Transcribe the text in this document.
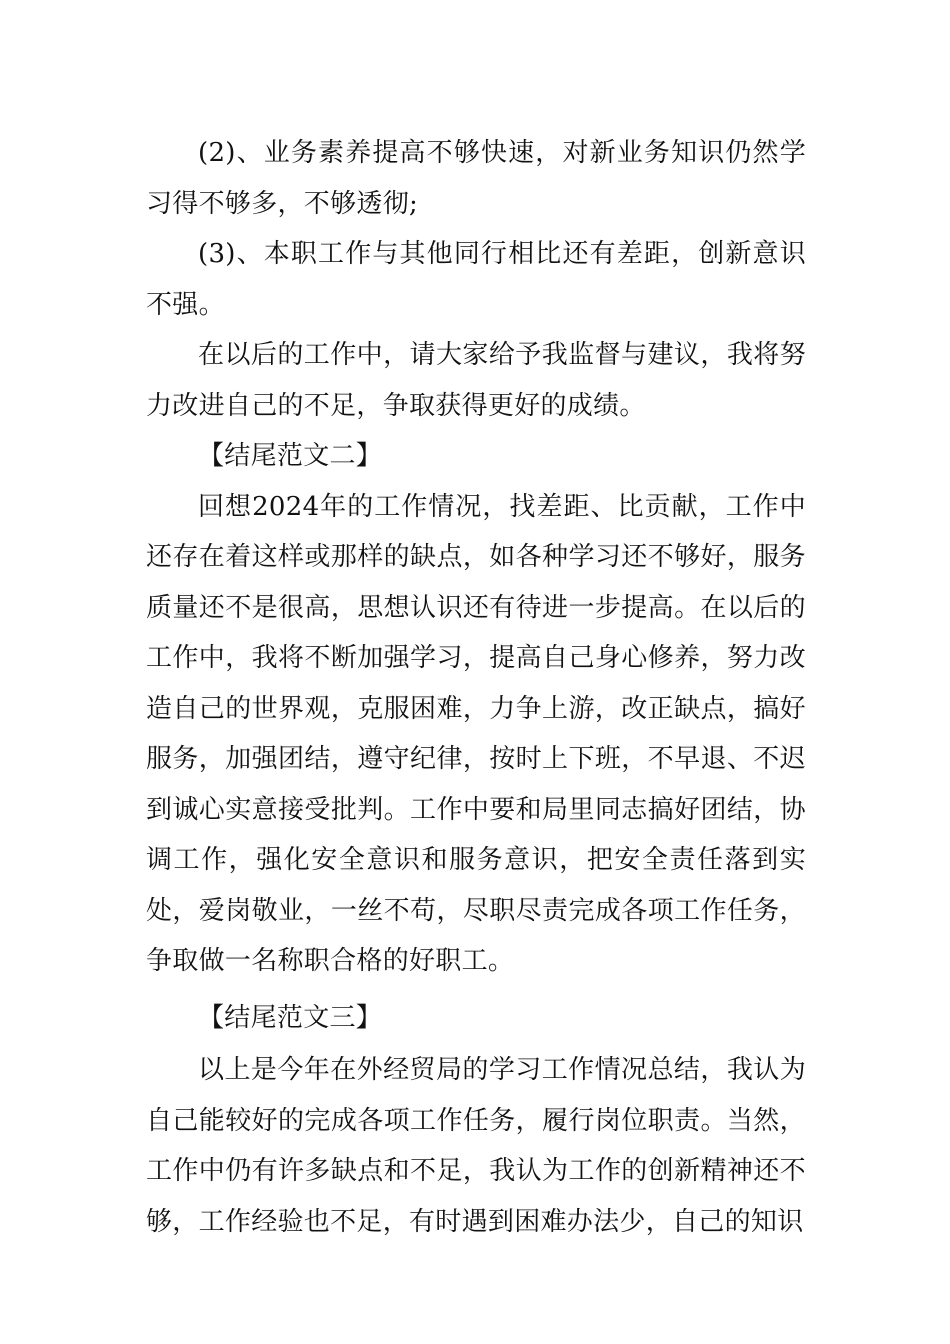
(2)、业务素养提高不够快速，对新业务知识仍然学习得不够多，不够透彻;

(3)、本职工作与其他同行相比还有差距，创新意识不强。

在以后的工作中，请大家给予我监督与建议，我将努力改进自己的不足，争取获得更好的成绩。

【结尾范文二】

回想2024年的工作情况，找差距、比贡献，工作中还存在着这样或那样的缺点，如各种学习还不够好，服务质量还不是很高，思想认识还有待进一步提高。在以后的工作中，我将不断加强学习，提高自己身心修养，努力改造自己的世界观，克服困难，力争上游，改正缺点，搞好服务，加强团结，遵守纪律，按时上下班，不早退、不迟到诚心实意接受批判。工作中要和局里同志搞好团结，协调工作，强化安全意识和服务意识，把安全责任落到实处，爱岗敬业，一丝不苟，尽职尽责完成各项工作任务，争取做一名称职合格的好职工。

【结尾范文三】

以上是今年在外经贸局的学习工作情况总结，我认为自己能较好的完成各项工作任务，履行岗位职责。当然，工作中仍有许多缺点和不足，我认为工作的创新精神还不够，工作经验也不足，有时遇到困难办法少，自己的知识
